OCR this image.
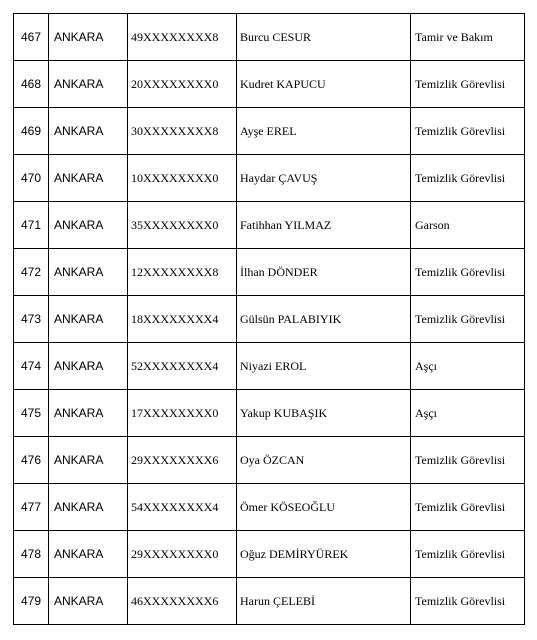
467	ANKARA	49XXXXXXXX8	Burcu CESUR	Tamir ve Bakım
468	ANKARA	20XXXXXXXX0	Kudret KAPUCU	Temizlik Görevlisi
469	ANKARA	30XXXXXXXX8	Ayşe EREL	Temizlik Görevlisi
470	ANKARA	10XXXXXXXX0	Haydar ÇAVUŞ	Temizlik Görevlisi
471	ANKARA	35XXXXXXXX0	Fatihhan YILMAZ	Garson
472	ANKARA	12XXXXXXXX8	İlhan DÖNDER	Temizlik Görevlisi
473	ANKARA	18XXXXXXXX4	Gülsün PALABIYIK	Temizlik Görevlisi
474	ANKARA	52XXXXXXXX4	Niyazi EROL	Aşçı
475	ANKARA	17XXXXXXXX0	Yakup KUBAŞIK	Aşçı
476	ANKARA	29XXXXXXXX6	Oya ÖZCAN	Temizlik Görevlisi
477	ANKARA	54XXXXXXXX4	Ömer KÖSEOĞLU	Temizlik Görevlisi
478	ANKARA	29XXXXXXXX0	Oğuz DEMİRYÜREK	Temizlik Görevlisi
479	ANKARA	46XXXXXXXX6	Harun ÇELEBİ	Temizlik Görevlisi
